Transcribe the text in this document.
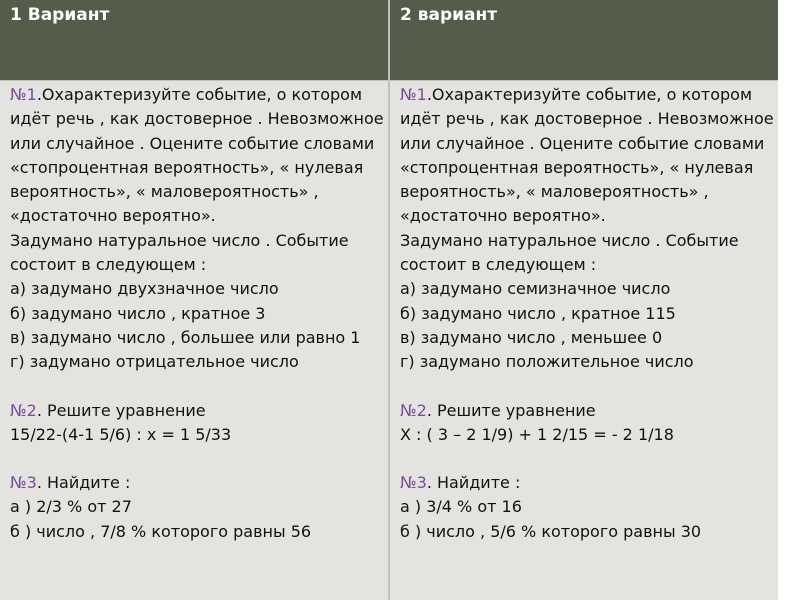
1 Вариант	2 вариант

№1.Охарактеризуйте событие, о котором идёт речь , как достоверное . Невозможное или случайное . Оцените событие словами «стопроцентная вероятность», « нулевая вероятность», « маловероятность» , «достаточно вероятно».

Задумано натуральное число . Событие состоит в следующем :

а) задумано двухзначное число

б) задумано число , кратное 3

в) задумано число , большее или равно 1

г) задумано отрицательное число

№2. Решите уравнение

15/22-(4-1 5/6) : х = 1 5/33

№3. Найдите :

а ) 2/3 % от 27

б ) число , 7/8 % которого равны 56

№1.Охарактеризуйте событие, о котором идёт речь , как достоверное . Невозможное или случайное . Оцените событие словами «стопроцентная вероятность», « нулевая вероятность», « маловероятность» , «достаточно вероятно».

Задумано натуральное число . Событие состоит в следующем :

а) задумано семизначное число

б) задумано число , кратное 115

в) задумано число , меньшее 0

г) задумано положительное число

№2. Решите уравнение

Х : ( 3 – 2 1/9) + 1 2/15 = - 2 1/18

№3. Найдите :

а ) 3/4 % от 16

б ) число , 5/6 % которого равны 30
